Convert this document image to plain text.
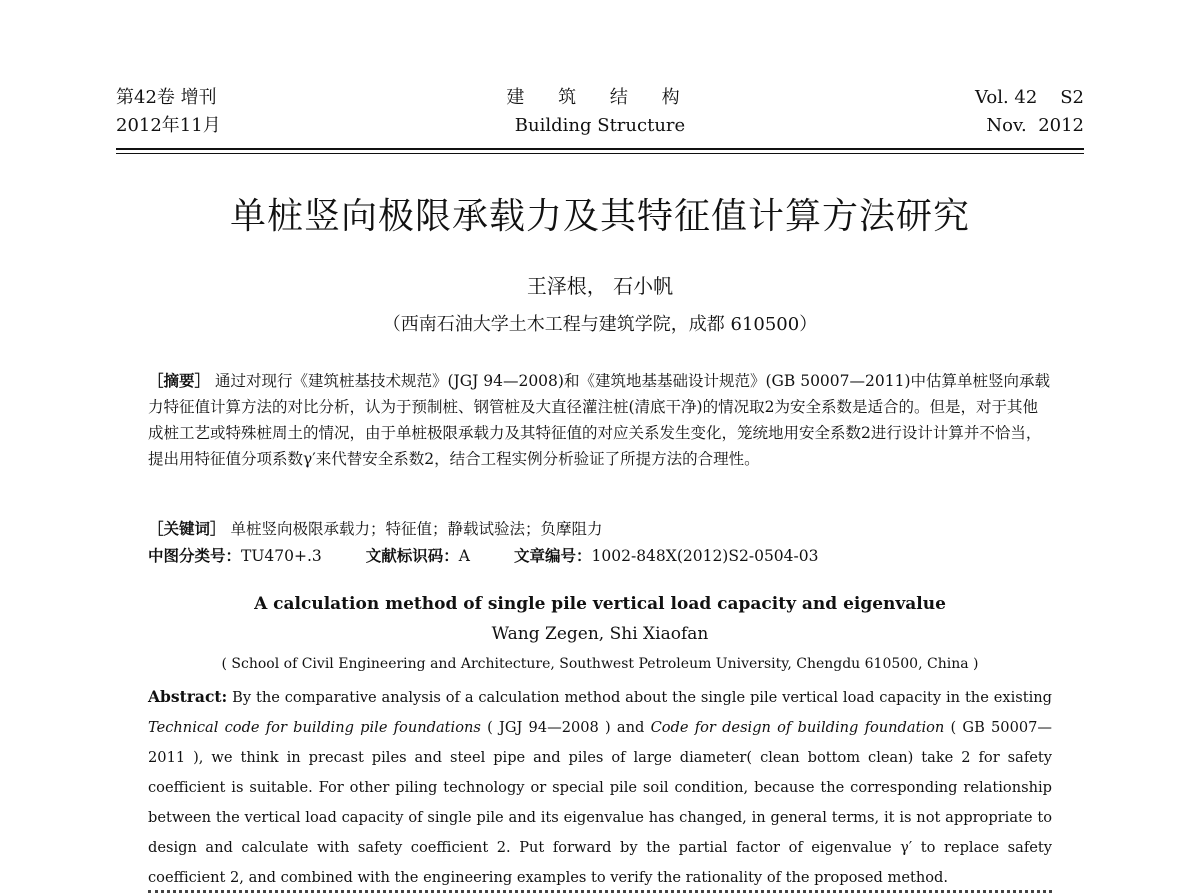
第42卷 增刊
2012年11月
建 筑 结 构
Building Structure
Vol. 42    S2
Nov.  2012
单桩竖向极限承载力及其特征值计算方法研究
王泽根， 石小帆
（西南石油大学土木工程与建筑学院，成都 610500）
［摘要］ 通过对现行《建筑桩基技术规范》(JGJ 94—2008)和《建筑地基基础设计规范》(GB 50007—2011)中估算单桩竖向承载力特征值计算方法的对比分析，认为于预制桩、钢管桩及大直径灌注桩(清底干净)的情况取2为安全系数是适合的。但是，对于其他成桩工艺或特殊桩周土的情况，由于单桩极限承载力及其特征值的对应关系发生变化，笼统地用安全系数2进行设计计算并不恰当，提出用特征值分项系数γ′来代替安全系数2，结合工程实例分析验证了所提方法的合理性。
［关键词］ 单桩竖向极限承载力；特征值；静载试验法；负摩阻力
中图分类号：TU470+.3	文献标识码：A	文章编号：1002-848X(2012)S2-0504-03
A calculation method of single pile vertical load capacity and eigenvalue
Wang Zegen, Shi Xiaofan
( School of Civil Engineering and Architecture, Southwest Petroleum University, Chengdu 610500, China )
Abstract: By the comparative analysis of a calculation method about the single pile vertical load capacity in the existing Technical code for building pile foundations ( JGJ 94—2008 ) and Code for design of building foundation ( GB 50007—2011 ), we think in precast piles and steel pipe and piles of large diameter( clean bottom clean) take 2 for safety coefficient is suitable. For other piling technology or special pile soil condition, because the corresponding relationship between the vertical load capacity of single pile and its eigenvalue has changed, in general terms, it is not appropriate to design and calculate with safety coefficient 2. Put forward by the partial factor of eigenvalue γ′ to replace safety coefficient 2, and combined with the engineering examples to verify the rationality of the proposed method.
